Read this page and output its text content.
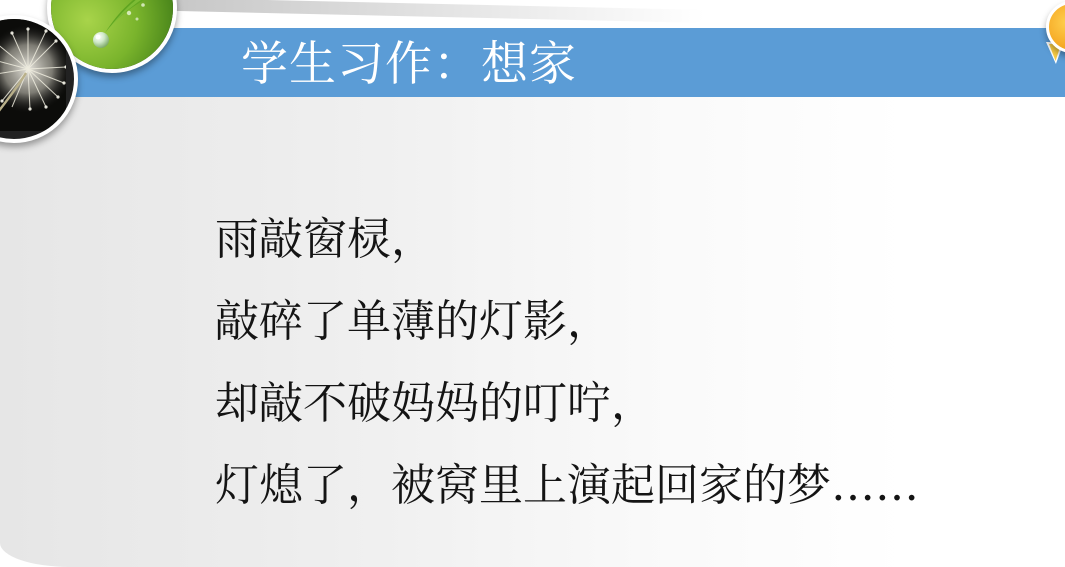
学生习作：想家
雨敲窗棂，
敲碎了单薄的灯影，
却敲不破妈妈的叮咛，
灯熄了，被窝里上演起回家的梦……
